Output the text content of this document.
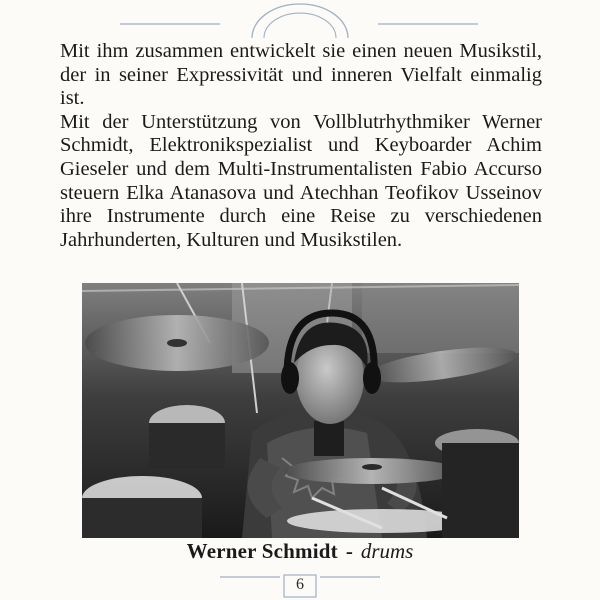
Mit ihm zusammen entwickelt sie einen neuen Musikstil, der in seiner Expressivität und inneren Vielfalt einmalig ist.

Mit der Unterstützung von Vollblutrhythmiker Werner Schmidt, Elektronikspezialist und Keyboarder Achim Gieseler und dem Multi-Instrumentalisten Fabio Accurso steuern Elka Atanasova und Atechhan Teofikov Usseinov ihre Instrumente durch eine Reise zu verschiedenen Jahrhunderten, Kulturen und Musikstilen.

Werner Schmidt - drums
6
